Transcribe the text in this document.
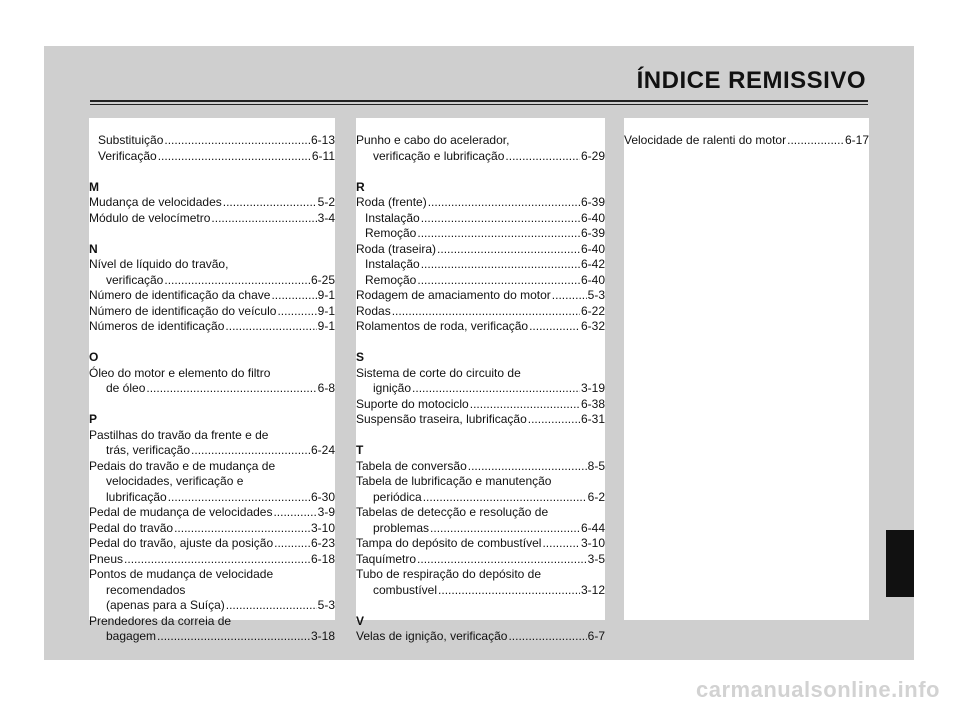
ÍNDICE REMISSIVO
Substituição .....	6-13
Verificação .....	6-11
M
Mudança de velocidades .....	5-2
Módulo de velocímetro .....	3-4
N
Nível de líquido do travão,
verificação .....	6-25
Número de identificação da chave .....	9-1
Número de identificação do veículo .....	9-1
Números de identificação .....	9-1
O
Óleo do motor e elemento do filtro
de óleo .....	6-8
P
Pastilhas do travão da frente e de
trás, verificação .....	6-24
Pedais do travão e de mudança de
velocidades, verificação e
lubrificação .....	6-30
Pedal de mudança de velocidades .....	3-9
Pedal do travão .....	3-10
Pedal do travão, ajuste da posição .....	6-23
Pneus .....	6-18
Pontos de mudança de velocidade
recomendados
(apenas para a Suíça) .....	5-3
Prendedores da correia de
bagagem .....	3-18
Punho e cabo do acelerador,
verificação e lubrificação .....	6-29
R
Roda (frente) .....	6-39
Instalação .....	6-40
Remoção .....	6-39
Roda (traseira) .....	6-40
Instalação .....	6-42
Remoção .....	6-40
Rodagem de amaciamento do motor .....	5-3
Rodas .....	6-22
Rolamentos de roda, verificação .....	6-32
S
Sistema de corte do circuito de
ignição .....	3-19
Suporte do motociclo .....	6-38
Suspensão traseira, lubrificação .....	6-31
T
Tabela de conversão .....	8-5
Tabela de lubrificação e manutenção
periódica .....	6-2
Tabelas de detecção e resolução de
problemas .....	6-44
Tampa do depósito de combustível .....	3-10
Taquímetro .....	3-5
Tubo de respiração do depósito de
combustível .....	3-12
V
Velas de ignição, verificação .....	6-7
Velocidade de ralenti do motor .....	6-17
carmanualsonline.info
